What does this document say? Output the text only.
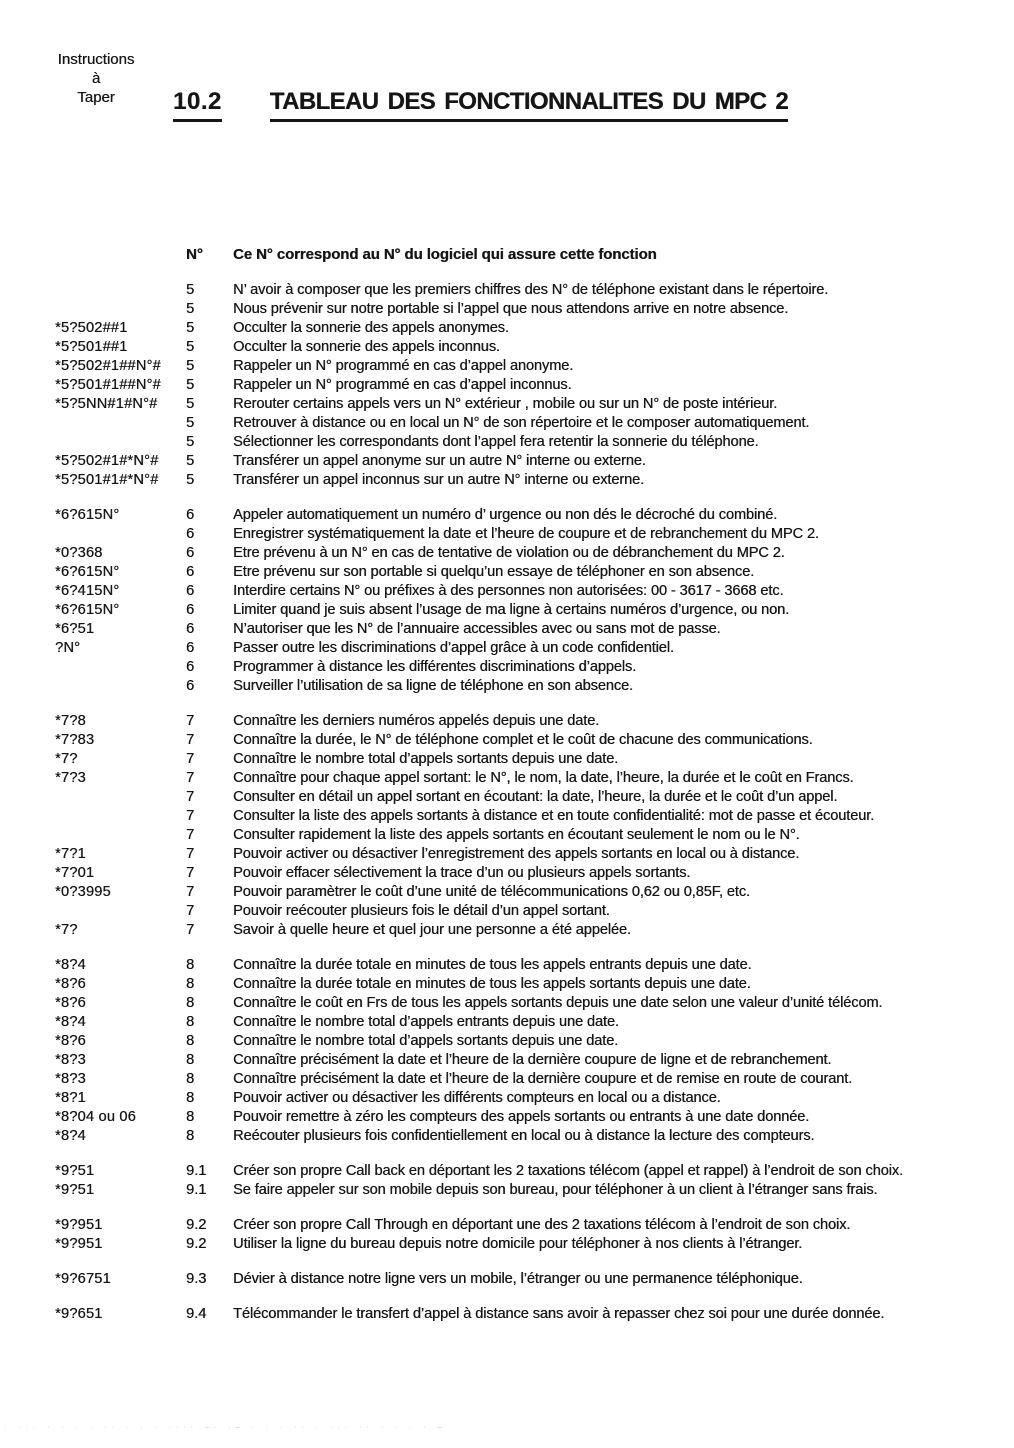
Instructions
à
Taper	10.2 TABLEAU DES FONCTIONNALITES DU MPC 2
N°	Ce N° correspond au N° du logiciel qui assure cette fonction
5	N’ avoir à composer que les premiers chiffres des N° de téléphone existant dans le répertoire.
5	Nous prévenir sur notre portable si l’appel que nous attendons arrive en notre absence.
*5?502##1	5	Occulter la sonnerie des appels anonymes.
*5?501##1	5	Occulter la sonnerie des appels inconnus.
*5?502#1##N°#	5	Rappeler un N° programmé en cas d’appel anonyme.
*5?501#1##N°#	5	Rappeler un N° programmé en cas d’appel inconnus.
*5?5NN#1#N°#	5	Rerouter certains appels vers un N° extérieur , mobile ou sur un N° de poste intérieur.
5	Retrouver à distance ou en local un N° de son répertoire et le composer automatiquement.
5	Sélectionner les correspondants dont l’appel fera retentir la sonnerie du téléphone.
*5?502#1#*N°#	5	Transférer un appel anonyme sur un autre N° interne ou externe.
*5?501#1#*N°#	5	Transférer un appel inconnus sur un autre N° interne ou externe.
*6?615N°	6	Appeler automatiquement un numéro d’ urgence ou non dés le décroché du combiné.
6	Enregistrer systématiquement la date et l’heure de coupure et de rebranchement du MPC 2.
*0?368	6	Etre prévenu à un N° en cas de tentative de violation ou de débranchement du MPC 2.
*6?615N°	6	Etre prévenu sur son portable si quelqu’un essaye de téléphoner en son absence.
*6?415N°	6	Interdire certains N° ou préfixes à des personnes non autorisées: 00 - 3617 - 3668 etc.
*6?615N°	6	Limiter quand je suis absent l’usage de ma ligne à certains numéros d’urgence, ou non.
*6?51	6	N’autoriser que les N° de l’annuaire accessibles avec ou sans mot de passe.
?N°	6	Passer outre les discriminations d’appel grâce à un code confidentiel.
6	Programmer à distance les différentes discriminations d’appels.
6	Surveiller l’utilisation de sa ligne de téléphone en son absence.
*7?8	7	Connaître les derniers numéros appelés depuis une date.
*7?83	7	Connaître la durée, le N° de téléphone complet et le coût de chacune des communications.
*7?	7	Connaître le nombre total d’appels sortants depuis une date.
*7?3	7	Connaître pour chaque appel sortant: le N°, le nom, la date, l’heure, la durée et le coût en Francs.
7	Consulter en détail un appel sortant en écoutant: la date, l’heure, la durée et le coût d’un appel.
7	Consulter la liste des appels sortants à distance et en toute confidentialité: mot de passe et écouteur.
7	Consulter rapidement la liste des appels sortants en écoutant seulement le nom ou le N°.
*7?1	7	Pouvoir activer ou désactiver l’enregistrement des appels sortants en local ou à distance.
*7?01	7	Pouvoir effacer sélectivement la trace d’un ou plusieurs appels sortants.
*0?3995	7	Pouvoir paramètrer le coût d’une unité de télécommunications 0,62 ou 0,85F, etc.
7	Pouvoir reécouter plusieurs fois le détail d’un appel sortant.
*7?	7	Savoir à quelle heure et quel jour une personne a été appelée.
*8?4	8	Connaître la durée totale en minutes de tous les appels entrants depuis une date.
*8?6	8	Connaître la durée totale en minutes de tous les appels sortants depuis une date.
*8?6	8	Connaître le coût en Frs de tous les appels sortants depuis une date selon une valeur d’unité télécom.
*8?4	8	Connaître le nombre total d’appels entrants depuis une date.
*8?6	8	Connaître le nombre total d’appels sortants depuis une date.
*8?3	8	Connaître précisément la date et l’heure de la dernière coupure de ligne et de rebranchement.
*8?3	8	Connaître précisément la date et l’heure de la dernière coupure et de remise en route de courant.
*8?1	8	Pouvoir activer ou désactiver les différents compteurs en local ou a distance.
*8?04 ou 06	8	Pouvoir remettre à zéro les compteurs des appels sortants ou entrants à une date donnée.
*8?4	8	Reécouter plusieurs fois confidentiellement en local ou à distance la lecture des compteurs.
*9?51	9.1	Créer son propre Call back en déportant les 2 taxations télécom (appel et rappel) à l’endroit de son choix.
*9?51	9.1	Se faire appeler sur son mobile depuis son bureau, pour téléphoner à un client à l’étranger sans frais.
*9?951	9.2	Créer son propre Call Through en déportant une des 2 taxations télécom à l’endroit de son choix.
*9?951	9.2	Utiliser la ligne du bureau depuis notre domicile pour téléphoner à nos clients à l’étranger.
*9?6751	9.3	Dévier à distance notre ligne vers un mobile, l’étranger ou une permanence téléphonique.
*9?651	9.4	Télécommander le transfert d’appel à distance sans avoir à repasser chez soi pour une durée donnée.
· ··· · · · · ·· · · · ···· –· ·– · · · ·· · ··· ·· · · · · –
